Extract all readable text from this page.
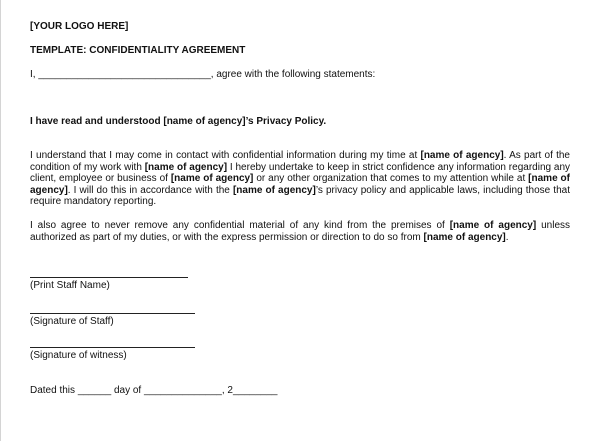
[YOUR LOGO HERE]
TEMPLATE: CONFIDENTIALITY AGREEMENT
I, _______________________________, agree with the following statements:
I have read and understood [name of agency]’s Privacy Policy.
I understand that I may come in contact with confidential information during my time at [name of agency]. As part of the condition of my work with [name of agency] I hereby undertake to keep in strict confidence any information regarding any client, employee or business of [name of agency] or any other organization that comes to my attention while at [name of agency]. I will do this in accordance with the [name of agency]’s privacy policy and applicable laws, including those that require mandatory reporting.
I also agree to never remove any confidential material of any kind from the premises of [name of agency] unless authorized as part of my duties, or with the express permission or direction to do so from [name of agency].
(Print Staff Name)
(Signature of Staff)
(Signature of witness)
Dated this ______ day of ______________, 2________
